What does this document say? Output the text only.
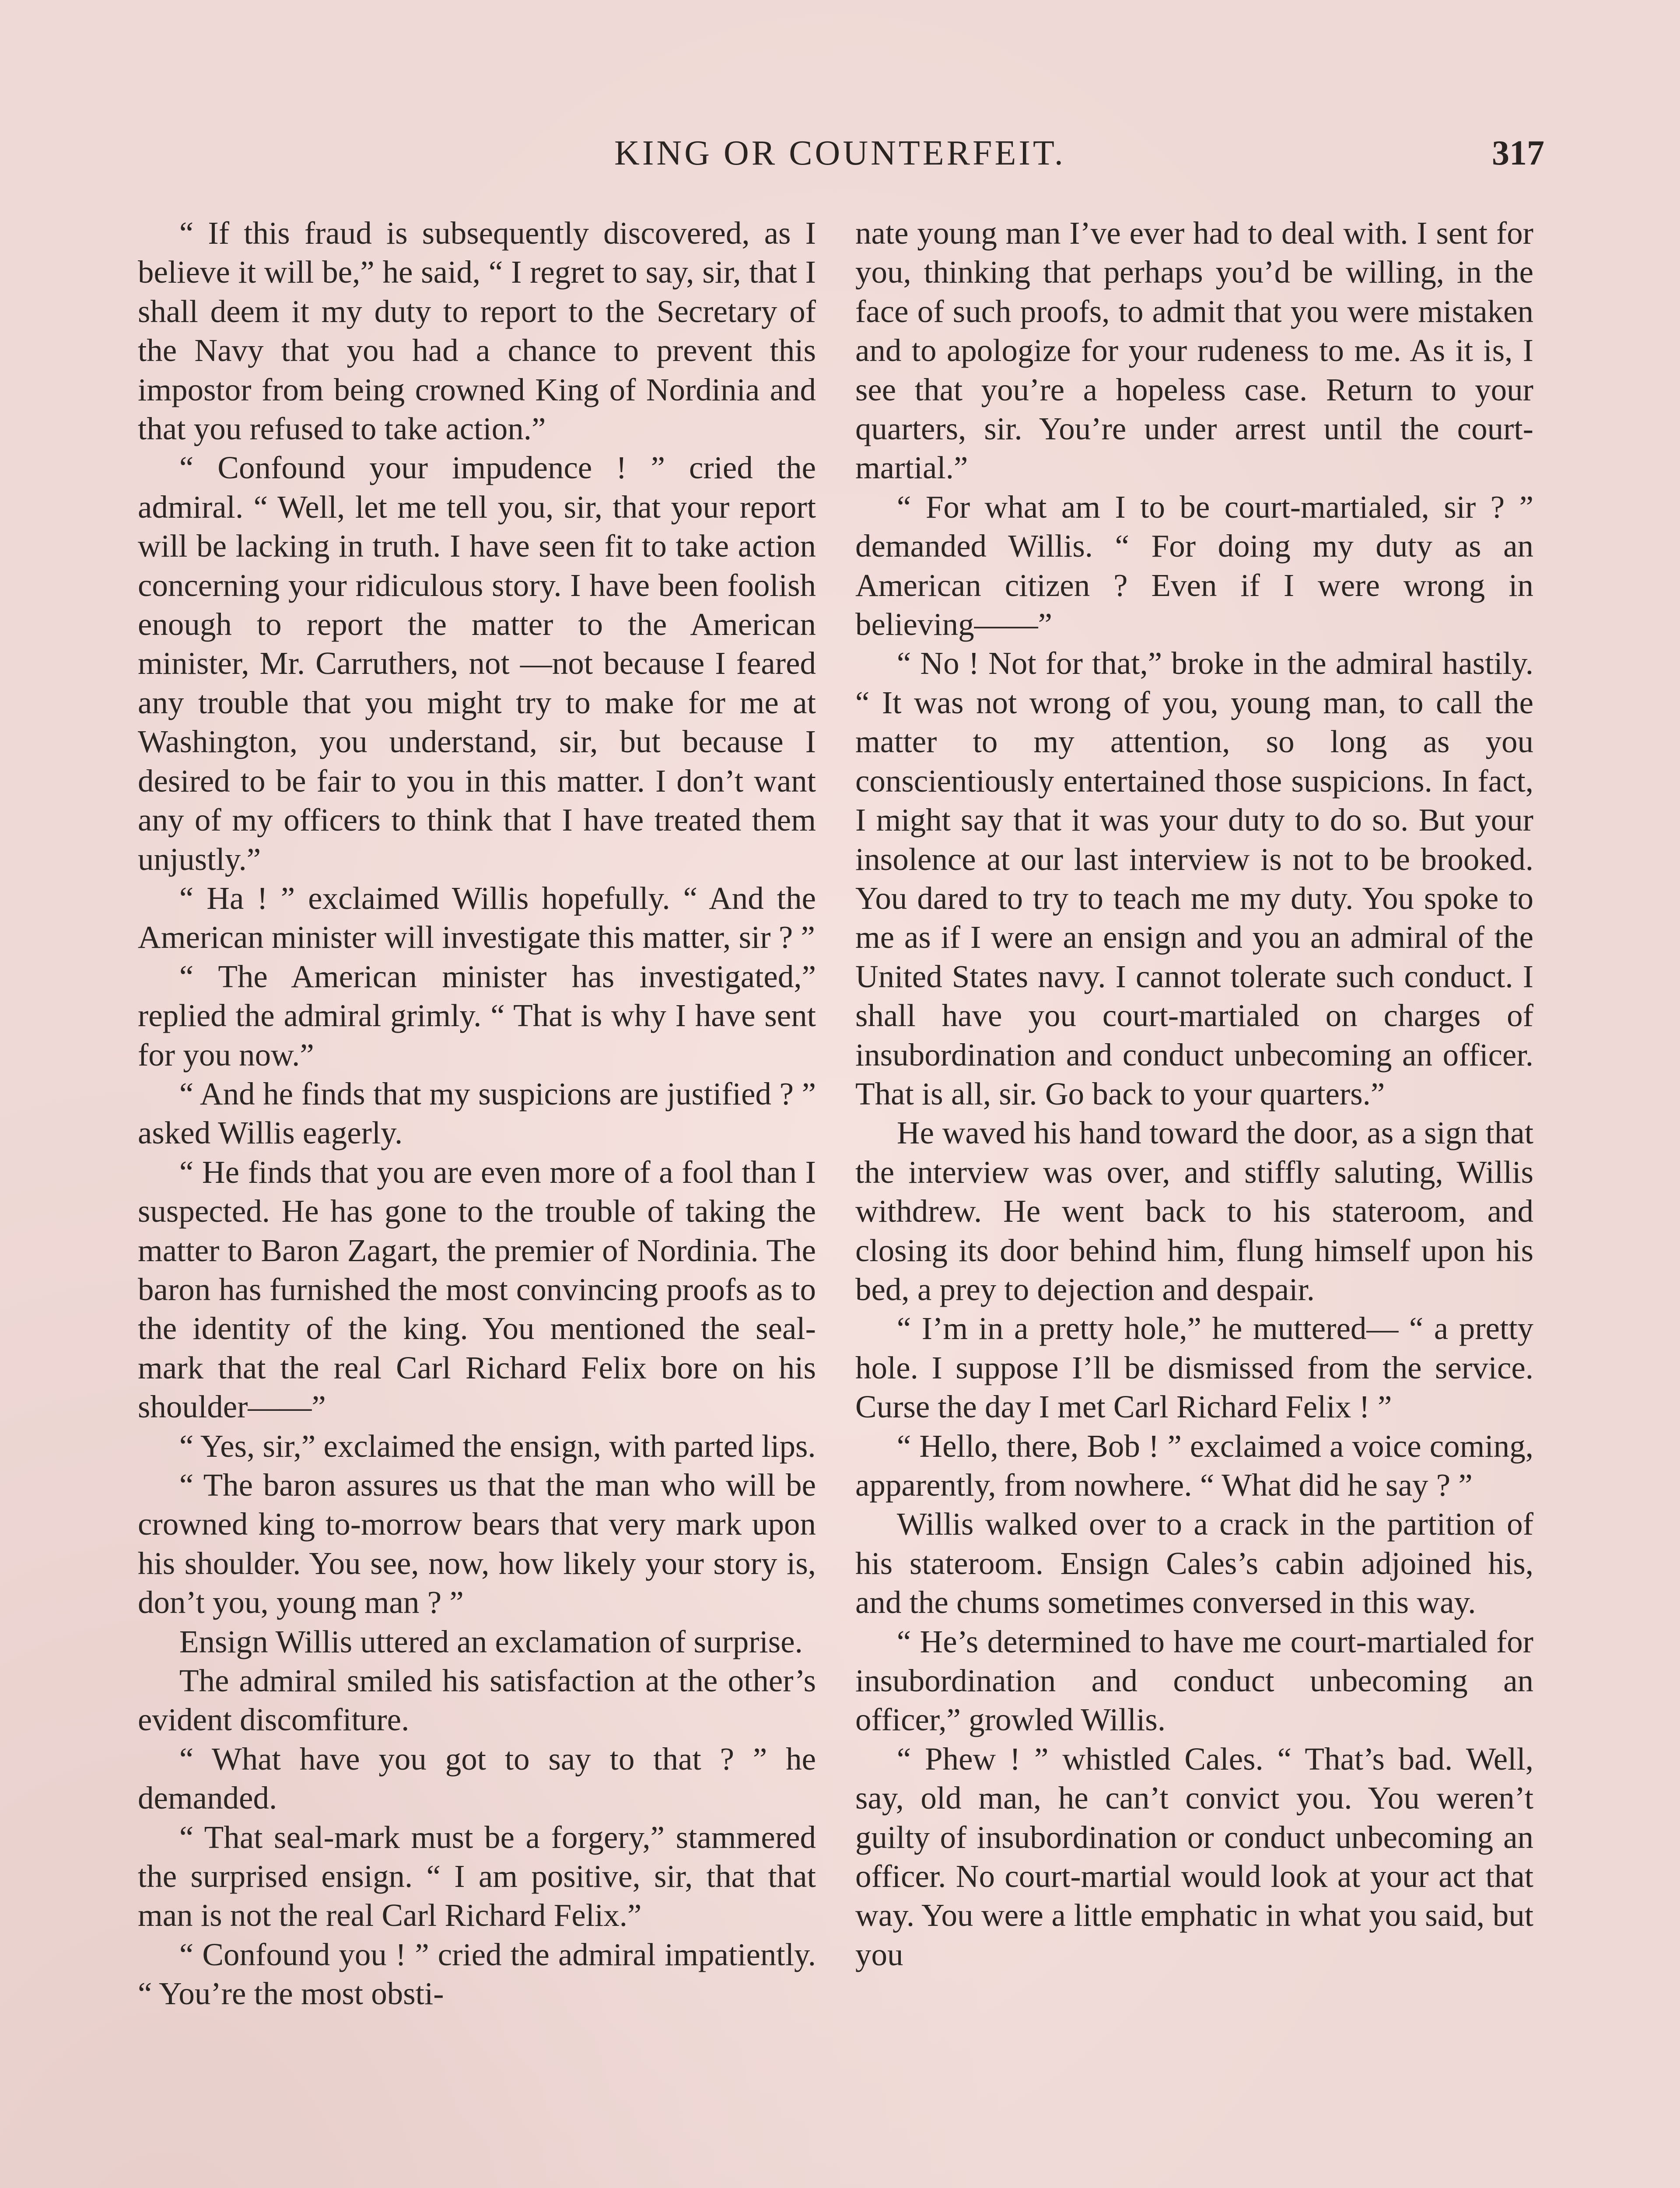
KING OR COUNTERFEIT.	317

“ If this fraud is subsequently discovered, as I believe it will be,” he said, “ I regret to say, sir, that I shall deem it my duty to report to the Secretary of the Navy that you had a chance to prevent this impostor from being crowned King of Nordinia and that you refused to take action.”

“ Confound your impudence ! ” cried the admiral. “ Well, let me tell you, sir, that your report will be lacking in truth. I have seen fit to take action concerning your ridiculous story. I have been foolish enough to report the matter to the American minister, Mr. Carruthers, not —not because I feared any trouble that you might try to make for me at Washington, you understand, sir, but because I desired to be fair to you in this matter. I don’t want any of my officers to think that I have treated them unjustly.”

“ Ha ! ” exclaimed Willis hopefully. “ And the American minister will investigate this matter, sir ? ”

“ The American minister has investigated,” replied the admiral grimly. “ That is why I have sent for you now.”

“ And he finds that my suspicions are justified ? ” asked Willis eagerly.

“ He finds that you are even more of a fool than I suspected. He has gone to the trouble of taking the matter to Baron Zagart, the premier of Nordinia. The baron has furnished the most convincing proofs as to the identity of the king. You mentioned the seal-mark that the real Carl Richard Felix bore on his shoulder——”

“ Yes, sir,” exclaimed the ensign, with parted lips.

“ The baron assures us that the man who will be crowned king to-morrow bears that very mark upon his shoulder. You see, now, how likely your story is, don’t you, young man ? ”

Ensign Willis uttered an exclamation of surprise.

The admiral smiled his satisfaction at the other’s evident discomfiture.

“ What have you got to say to that ? ” he demanded.

“ That seal-mark must be a forgery,” stammered the surprised ensign. “ I am positive, sir, that that man is not the real Carl Richard Felix.”

“ Confound you ! ” cried the admiral impatiently. “ You’re the most obsti-

nate young man I’ve ever had to deal with. I sent for you, thinking that perhaps you’d be willing, in the face of such proofs, to admit that you were mistaken and to apologize for your rudeness to me. As it is, I see that you’re a hopeless case. Return to your quarters, sir. You’re under arrest until the court-martial.”

“ For what am I to be court-martialed, sir ? ” demanded Willis. “ For doing my duty as an American citizen ? Even if I were wrong in believing——”

“ No ! Not for that,” broke in the admiral hastily. “ It was not wrong of you, young man, to call the matter to my attention, so long as you conscientiously entertained those suspicions. In fact, I might say that it was your duty to do so. But your insolence at our last interview is not to be brooked. You dared to try to teach me my duty. You spoke to me as if I were an ensign and you an admiral of the United States navy. I cannot tolerate such conduct. I shall have you court-martialed on charges of insubordination and conduct unbecoming an officer. That is all, sir. Go back to your quarters.”

He waved his hand toward the door, as a sign that the interview was over, and stiffly saluting, Willis withdrew. He went back to his stateroom, and closing its door behind him, flung himself upon his bed, a prey to dejection and despair.

“ I’m in a pretty hole,” he muttered— “ a pretty hole. I suppose I’ll be dismissed from the service. Curse the day I met Carl Richard Felix ! ”

“ Hello, there, Bob ! ” exclaimed a voice coming, apparently, from nowhere. “ What did he say ? ”

Willis walked over to a crack in the partition of his stateroom. Ensign Cales’s cabin adjoined his, and the chums sometimes conversed in this way.

“ He’s determined to have me court-martialed for insubordination and conduct unbecoming an officer,” growled Willis.

“ Phew ! ” whistled Cales. “ That’s bad. Well, say, old man, he can’t convict you. You weren’t guilty of insubordination or conduct unbecoming an officer. No court-martial would look at your act that way. You were a little emphatic in what you said, but you
